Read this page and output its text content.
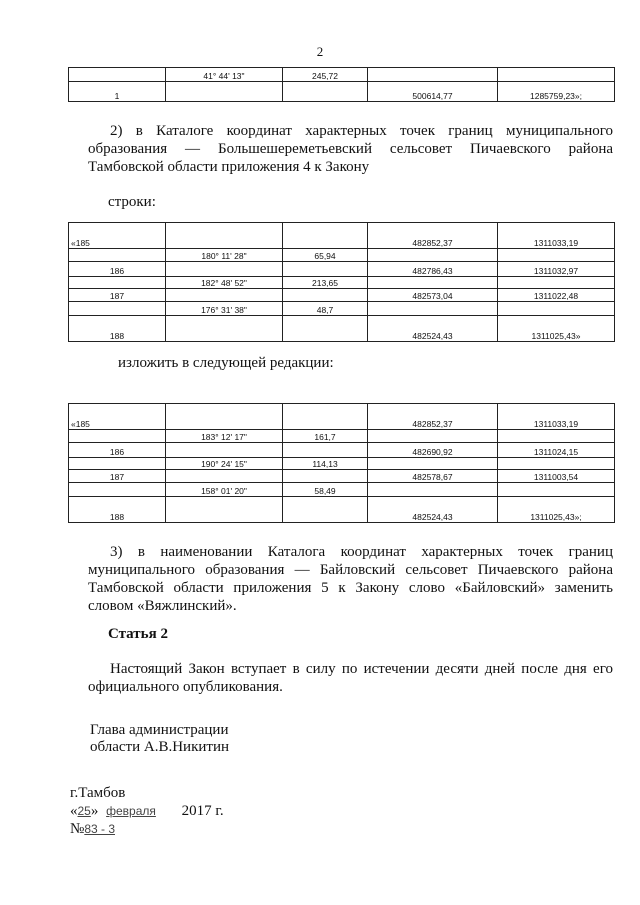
2
	41° 44' 13"	245,72		
1			500614,77	1285759,23»;
2) в Каталоге координат характерных точек границ муниципального образования — Большешереметьевский сельсовет Пичаевского района Тамбовской области приложения 4 к Закону
строки:
«185			482852,37	1311033,19
	180° 11' 28"	65,94		
186			482786,43	1311032,97
	182° 48' 52"	213,65		
187			482573,04	1311022,48
	176° 31' 38"	48,7		
188			482524,43	1311025,43»
изложить в следующей редакции:
«185			482852,37	1311033,19
	183° 12' 17"	161,7		
186			482690,92	1311024,15
	190° 24' 15"	114,13		
187			482578,67	1311003,54
	158° 01' 20"	58,49		
188			482524,43	1311025,43»;
3) в наименовании Каталога координат характерных точек границ муниципального образования — Байловский сельсовет Пичаевского района Тамбовской области приложения 5 к Закону слово «Байловский» заменить словом «Вяжлинский».
Статья 2
Настоящий Закон вступает в силу по истечении десяти дней после дня его официального опубликования.
Глава администрации
области А.В.Никитин
г.Тамбов
«25» февраля 2017 г.
№83 - 3
